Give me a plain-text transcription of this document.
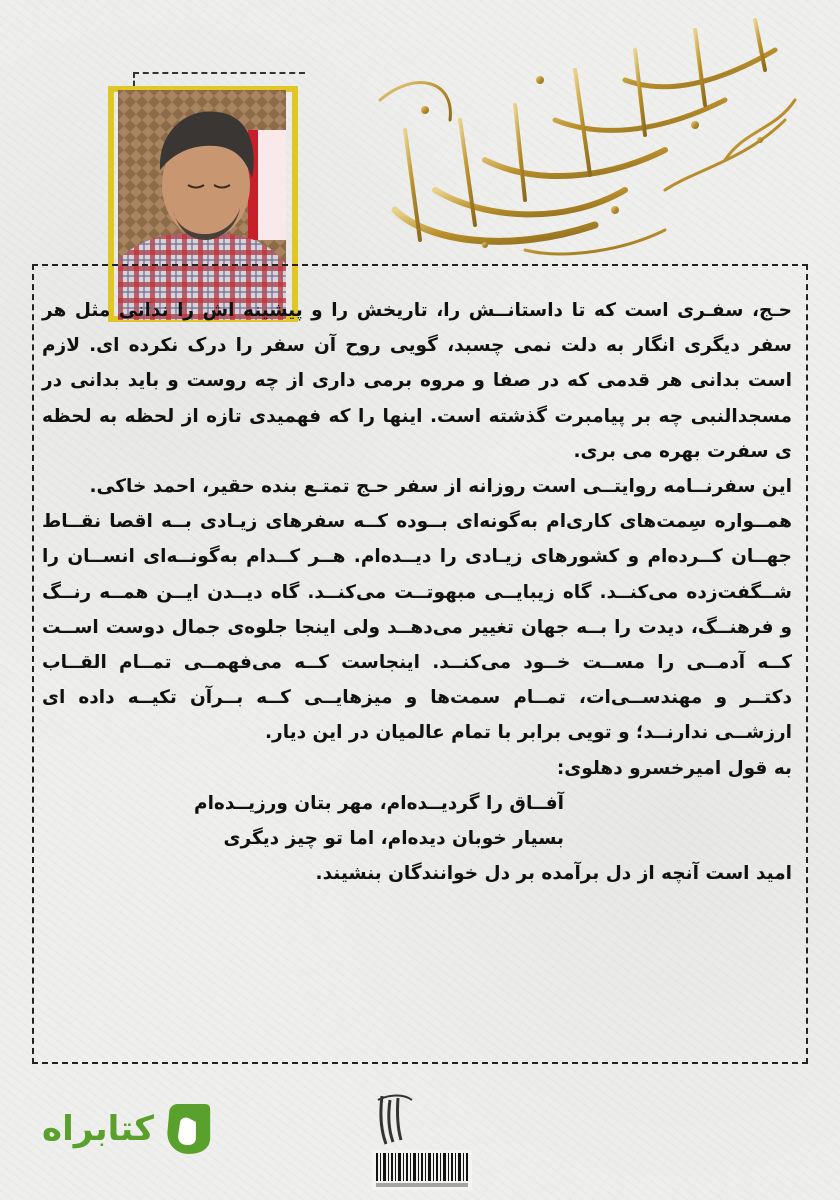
حـج، سفـری است که تا داستانــش را، تاریخش را و پیشینه اش را ندانی مثل هر سفر دیگری انگار به دلت نمی چسبد، گویی روح آن سفر را درک نکرده ای. لازم است بدانی هر قدمی که در صفا و مروه برمی داری از چه روست و باید بدانی در مسجدالنبی چه بر پیامبرت گذشته است. اینها را که فهمیدی تازه از لحظه به لحظه ی سفرت بهره می بری.

این سفرنــامه روایتــی است روزانه از سفر حـج تمتـع بنده حقیر، احمد خاکی.

همــواره سِمت‌های کاری‌ام به‌گونه‌ای بــوده کــه سفرهای زیـادی بــه اقصا نقــاط جهــان کــرده‌ام و کشورهای زیـادی را دیــده‌ام. هــر کــدام به‌گونــه‌ای انســان را شــگفت‌زده می‌کنــد. گاه زیبایــی مبهوتــت می‌کنــد. گاه دیــدن ایــن همــه رنــگ و فرهنــگ، دیدت را بــه جهان تغییر می‌دهــد ولی اینجا جلوه‌ی جمال دوست اســت کــه آدمــی را مســت خــود می‌کنــد. اینجاست کــه می‌فهمــی تمــام القــاب دکتــر و مهندســی‌ات، تمــام سمت‌ها و میزهایــی کــه بــرآن تکیــه داده ای ارزشــی ندارنــد؛ و تویی برابر با تمام عالمیان در این دیار.

به قول امیرخسرو دهلوی:

آفــاق را گردیــده‌ام، مهر بتان ورزیــده‌ام

بسیار خوبان دیده‌ام، اما تو چیز دیگری

امید است آنچه از دل برآمده بر دل خوانندگان بنشیند.

کتابراه
